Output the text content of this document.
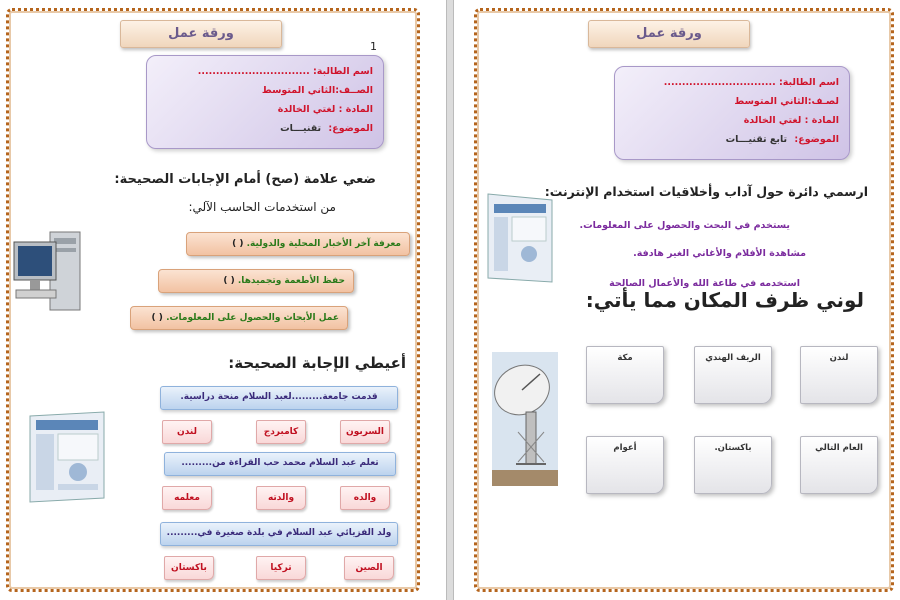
ورقة عمل
1
اسم الطالبة: ...............................
الصــف:الثاني المتوسط
المادة : لغتي الخالدة
الموضوع: تقنيـــات
ضعي علامة (صح) أمام الإجابات الصحيحة:
من استخدمات الحاسب الآلي:
معرفة آخر الأخبار المحلية والدولية. ( )
حفظ الأطعمة وتجميدها. ( )
عمل الأبحاث والحصول على المعلومات. ( )
أعيطي الإجابة الصحيحة:
قدمت جامعة.........لعبد السلام منحة دراسية.
السربون
كامبردج
لندن
تعلم عبد السلام محمد حب القراءة من.........
والده
والدته
معلمه
ولد الفزيائي عبد السلام في بلدة صغيرة في.........
الصين
تركيا
باكستان
ورقة عمل
اسم الطالبة: ...............................
لصـف:الثاني المتوسط
المادة : لغتي الخالدة
الموضوع: تابع تقنيـــات
ارسمي دائرة حول آداب وأخلاقيات استخدام الإنترنت:
يستخدم في البحث والحصول على المعلومات.
مشاهدة الأفلام والأغاني الغير هادفة.
استخدمه في طاعة الله والأعمال الصالحة
لوني ظرف المكان مما يأتي:
لندن
الريف الهندي
مكة
العام التالي
باكستان.
أعوام
